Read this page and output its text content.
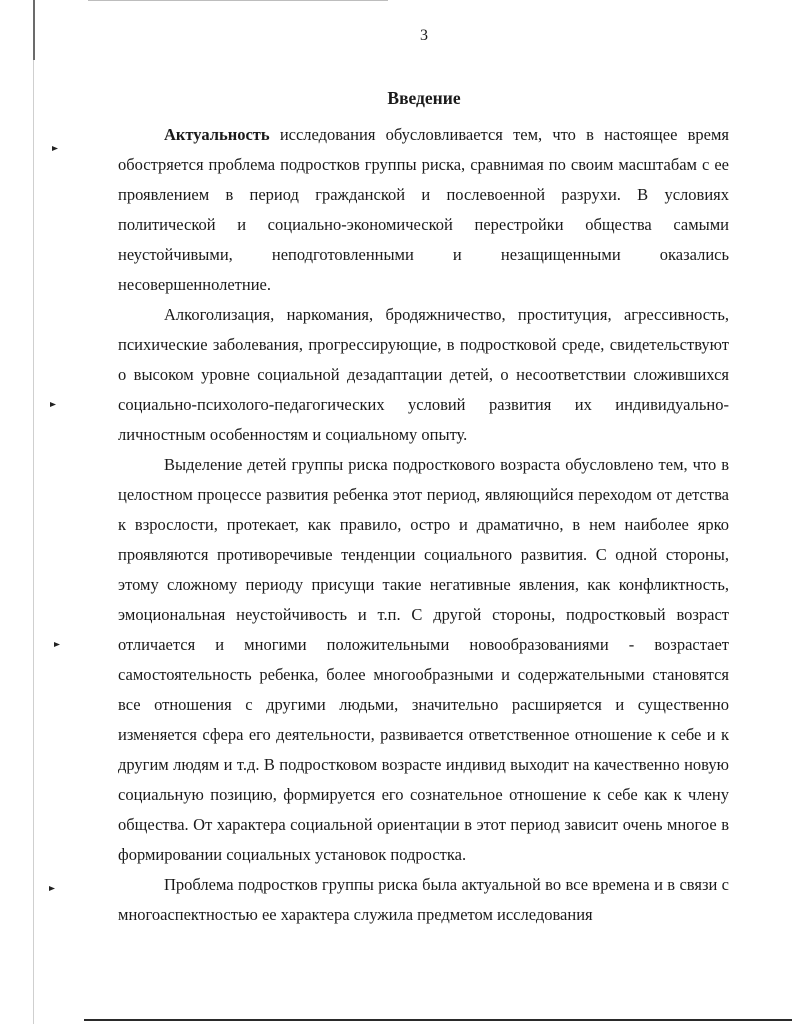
3
Введение

Актуальность исследования обусловливается тем, что в настоящее время обостряется проблема подростков группы риска, сравнимая по своим масштабам с ее проявлением в период гражданской и послевоенной разрухи. В условиях политической и социально-экономической перестройки общества самыми неустойчивыми, неподготовленными и незащищенными оказались несовершеннолетние.

Алкоголизация, наркомания, бродяжничество, проституция, агрессивность, психические заболевания, прогрессирующие, в подростковой среде, свидетельствуют о высоком уровне социальной дезадаптации детей, о несоответствии сложившихся социально-психолого-педагогических условий развития их индивидуально- личностным особенностям и социальному опыту.

Выделение детей группы риска подросткового возраста обусловлено тем, что в целостном процессе развития ребенка этот период, являющийся переходом от детства к взрослости, протекает, как правило, остро и драматично, в нем наиболее ярко проявляются противоречивые тенденции социального развития. С одной стороны, этому сложному периоду присущи такие негативные явления, как конфликтность, эмоциональная неустойчивость и т.п. С другой стороны, подростковый возраст отличается и многими положительными новообразованиями - возрастает самостоятельность ребенка, более многообразными и содержательными становятся все отношения с другими людьми, значительно расширяется и существенно изменяется сфера его деятельности, развивается ответственное отношение к себе и к другим людям и т.д. В подростковом возрасте индивид выходит на качественно новую социальную позицию, формируется его сознательное отношение к себе как к члену общества. От характера социальной ориентации в этот период зависит очень многое в формировании социальных установок подростка.

Проблема подростков группы риска была актуальной во все времена и в связи с многоаспектностью ее характера служила предметом исследования
